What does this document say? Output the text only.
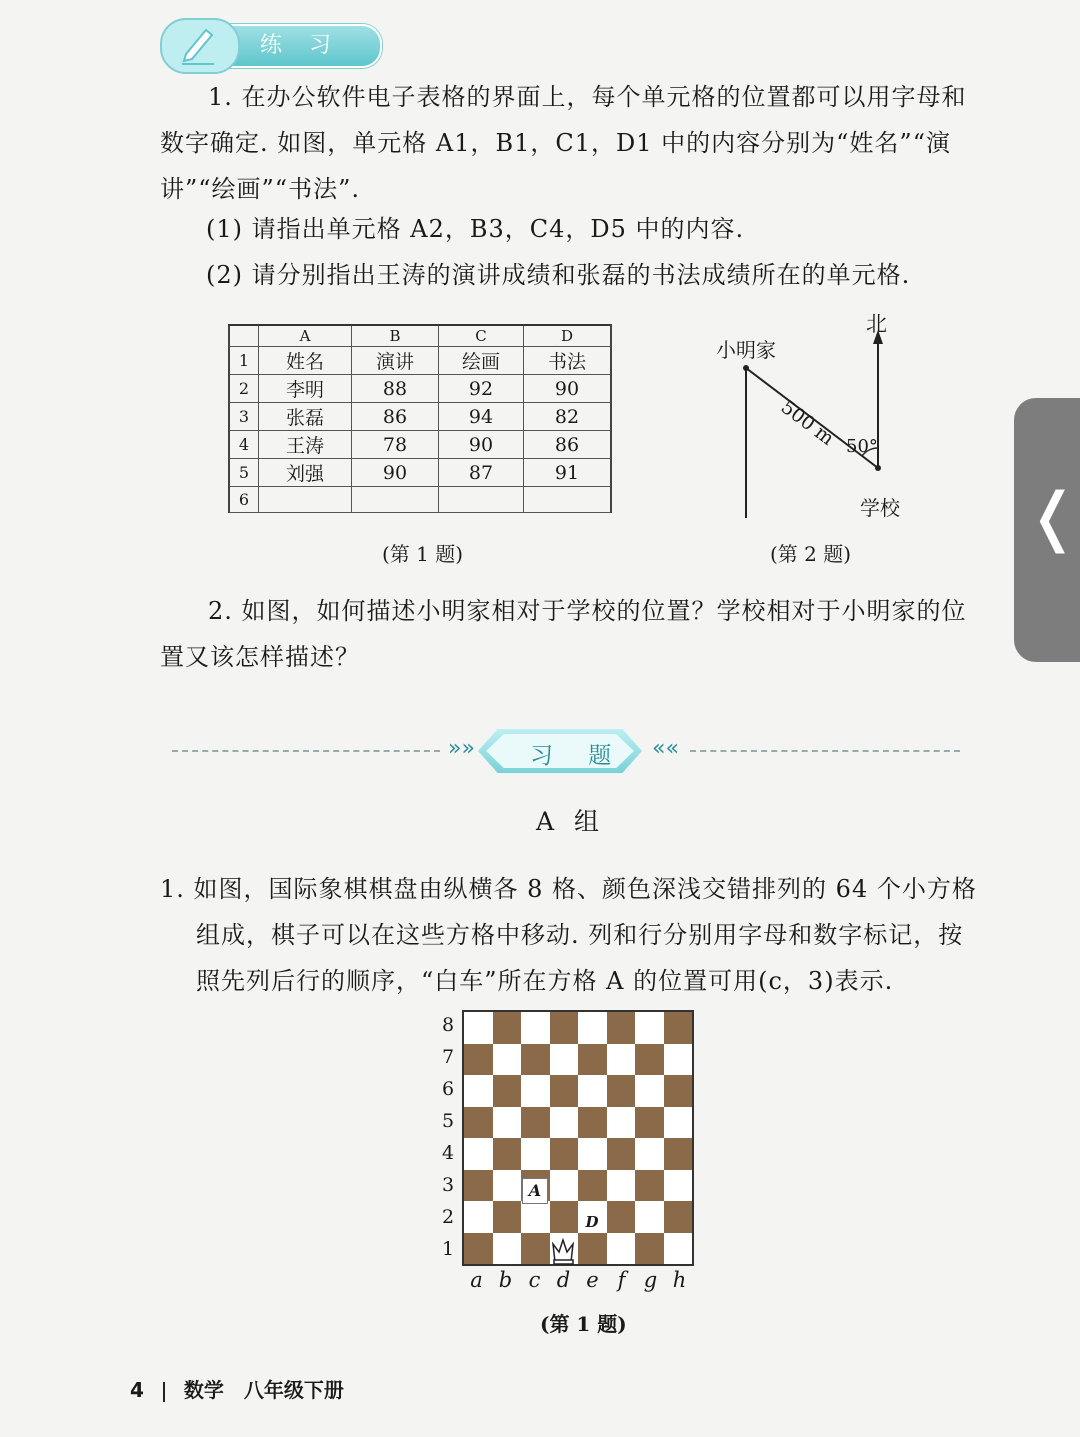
练 习
1. 在办公软件电子表格的界面上，每个单元格的位置都可以用字母和数字确定. 如图，单元格 A1，B1，C1，D1 中的内容分别为“姓名”“演讲”“绘画”“书法”.
(1) 请指出单元格 A2，B3，C4，D5 中的内容.
(2) 请分别指出王涛的演讲成绩和张磊的书法成绩所在的单元格.
	A	B	C	D
1	姓名	演讲	绘画	书法
2	李明	88	92	90
3	张磊	86	94	82
4	王涛	78	90	86
5	刘强	90	87	91
6				
(第 1 题)
北
小明家
学校
500 m 50°
(第 2 题)
2. 如图，如何描述小明家相对于学校的位置？学校相对于小明家的位置又该怎样描述？
»» 习 题 ««
A 组
1. 如图，国际象棋棋盘由纵横各 8 格、颜色深浅交错排列的 64 个小方格组成，棋子可以在这些方格中移动. 列和行分别用字母和数字标记，按照先列后行的顺序，“白车”所在方格 A 的位置可用(c，3)表示.
8
7
6
5
4
3
2
1
a b c d e f g h
A
D
(第 1 题)
4 数学　八年级下册
❬
